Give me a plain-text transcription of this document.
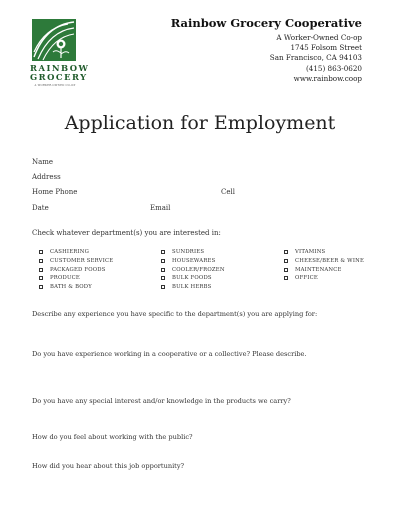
RAINBOW
GROCERY
A WORKER-OWNED CO-OP
Rainbow Grocery Cooperative
A Worker-Owned Co-op
1745 Folsom Street
San Francisco, CA 94103
(415) 863-0620
www.rainbow.coop
Application for Employment
Name
Address
Home Phone	Cell
Date	Email
Check whatever department(s) you are interested in:
CASHIERING
CUSTOMER SERVICE
PACKAGED FOODS
PRODUCE
BATH & BODY
SUNDRIES
HOUSEWARES
COOLER/FROZEN
BULK FOODS
BULK HERBS
VITAMINS
CHEESE/BEER & WINE
MAINTENANCE
OFFICE
Describe any experience you have specific to the department(s) you are applying for:
Do you have experience working in a cooperative or a collective? Please describe.
Do you have any special interest and/or knowledge in the products we carry?
How do you feel about working with the public?
How did you hear about this job opportunity?
